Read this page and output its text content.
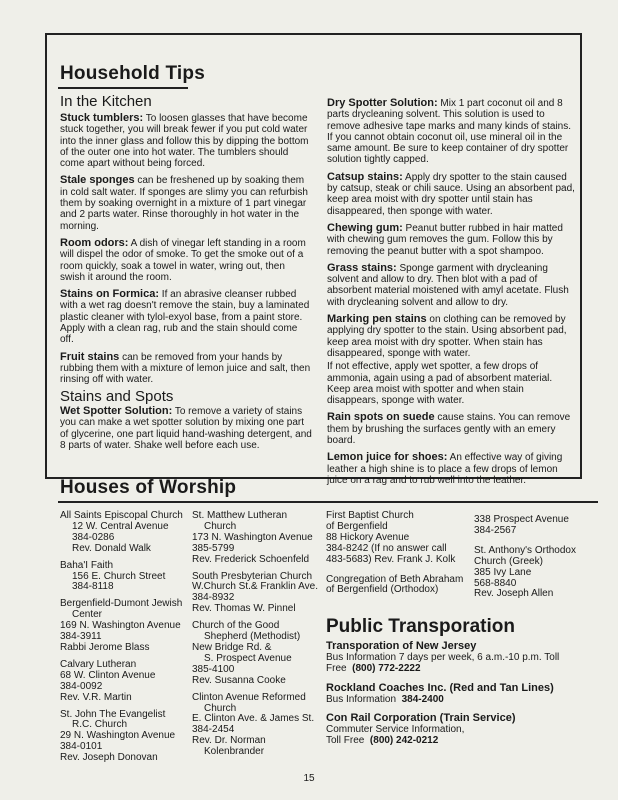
Household Tips
In the Kitchen

Stuck tumblers: To loosen glasses that have become stuck together, you will break fewer if you put cold water into the inner glass and follow this by dipping the bottom of the outer one into hot water. The tumblers should come apart without being forced.

Stale sponges can be freshened up by soaking them in cold salt water. If sponges are slimy you can refurbish them by soaking overnight in a mixture of 1 part vinegar and 2 parts water. Rinse thoroughly in hot water in the morning.

Room odors: A dish of vinegar left standing in a room will dispel the odor of smoke. To get the smoke out of a room quickly, soak a towel in water, wring out, then swish it around the room.

Stains on Formica: If an abrasive cleanser rubbed with a wet rag doesn't remove the stain, buy a laminated plastic cleaner with tylol-exyol base, from a paint store. Apply with a clean rag, rub and the stain should come off.

Fruit stains can be removed from your hands by rubbing them with a mixture of lemon juice and salt, then rinsing off with water.

Stains and Spots

Wet Spotter Solution: To remove a variety of stains you can make a wet spotter solution by mixing one part of glycerine, one part liquid hand-washing detergent, and 8 parts of water. Shake well before each use.

Dry Spotter Solution: Mix 1 part coconut oil and 8 parts drycleaning solvent. This solution is used to remove adhesive tape marks and many kinds of stains. If you cannot obtain coconut oil, use mineral oil in the same amount. Be sure to keep container of dry spotter solution tightly capped.

Catsup stains: Apply dry spotter to the stain caused by catsup, steak or chili sauce. Using an absorbent pad, keep area moist with dry spotter until stain has disappeared, then sponge with water.

Chewing gum: Peanut butter rubbed in hair matted with chewing gum removes the gum. Follow this by removing the peanut butter with a spot shampoo.

Grass stains: Sponge garment with drycleaning solvent and allow to dry. Then blot with a pad of absorbent material moistened with amyl acetate. Flush with drycleaning solvent and allow to dry.

Marking pen stains on clothing can be removed by applying dry spotter to the stain. Using absorbent pad, keep area moist with dry spotter. When stain has disappeared, sponge with water.

If not effective, apply wet spotter, a few drops of ammonia, again using a pad of absorbent material. Keep area moist with spotter and when stain disappears, sponge with water.

Rain spots on suede cause stains. You can remove them by brushing the surfaces gently with an emery board.

Lemon juice for shoes: An effective way of giving leather a high shine is to place a few drops of lemon juice on a rag and to rub well into the leather.

Houses of Worship
All Saints Episcopal Church
12 W. Central Avenue
384-0286
Rev. Donald Walk
Baha'I Faith
156 E. Church Street
384-8118
Bergenfield-Dumont Jewish
Center
169 N. Washington Avenue
384-3911
Rabbi Jerome Blass
Calvary Lutheran
68 W. Clinton Avenue
384-0092
Rev. V.R. Martin
St. John The Evangelist
R.C. Church
29 N. Washington Avenue
384-0101
Rev. Joseph Donovan
St. Matthew Lutheran
Church
173 N. Washington Avenue
385-5799
Rev. Frederick Schoenfeld
South Presbyterian Church
W.Church St.& Franklin Ave.
384-8932
Rev. Thomas W. Pinnel
Church of the Good
Shepherd (Methodist)
New Bridge Rd. &
S. Prospect Avenue
385-4100
Rev. Susanna Cooke
Clinton Avenue Reformed
Church
E. Clinton Ave. & James St.
384-2454
Rev. Dr. Norman
Kolenbrander
First Baptist Church
of Bergenfield
88 Hickory Avenue
384-8242 (If no answer call
483-5683) Rev. Frank J. Kolk
Congregation of Beth Abraham
of Bergenfield (Orthodox)
338 Prospect Avenue
384-2567
St. Anthony's Orthodox
Church (Greek)
385 Ivy Lane
568-8840
Rev. Joseph Allen
Public Transporation
Transporation of New Jersey
Bus Information 7 days per week, 6 a.m.-10 p.m. Toll Free (800) 772-2222
Rockland Coaches Inc. (Red and Tan Lines)
Bus Information 384-2400
Con Rail Corporation (Train Service)
Commuter Service Information,
Toll Free (800) 242-0212
15
